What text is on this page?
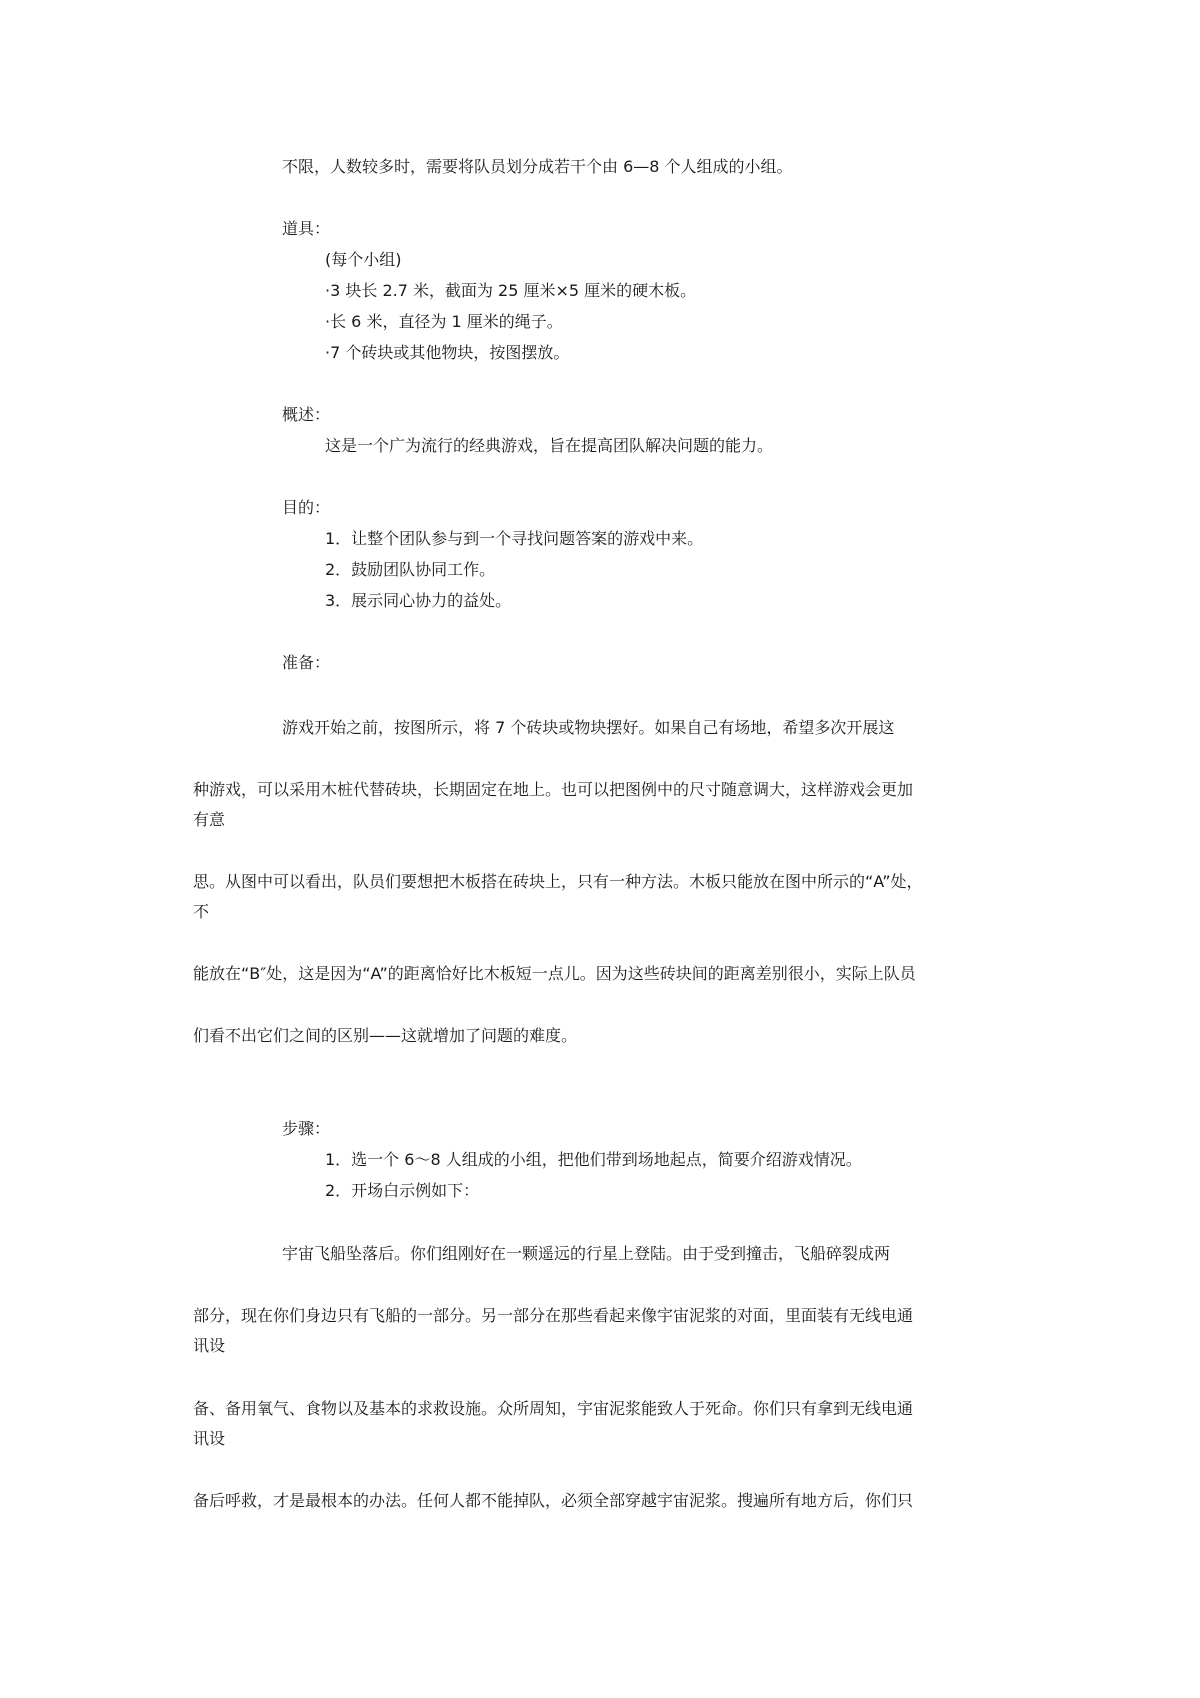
不限，人数较多时，需要将队员划分成若干个由 6—8 个人组成的小组。
道具：
(每个小组)
·3 块长 2.7 米，截面为 25 厘米×5 厘米的硬木板。
·长 6 米，直径为 1 厘米的绳子。
·7 个砖块或其他物块，按图摆放。
概述：
这是一个广为流行的经典游戏，旨在提高团队解决问题的能力。
目的：
1．让整个团队参与到一个寻找问题答案的游戏中来。
2．鼓励团队协同工作。
3．展示同心协力的益处。
准备：
游戏开始之前，按图所示，将 7 个砖块或物块摆好。如果自己有场地，希望多次开展这
种游戏，可以采用木桩代替砖块，长期固定在地上。也可以把图例中的尺寸随意调大，这样游戏会更加
有意
思。从图中可以看出，队员们要想把木板搭在砖块上，只有一种方法。木板只能放在图中所示的“A”处，
不
能放在“B″处，这是因为“A”的距离恰好比木板短一点儿。因为这些砖块间的距离差别很小，实际上队员
们看不出它们之间的区别——这就增加了问题的难度。
步骤：
1．选一个 6～8 人组成的小组，把他们带到场地起点，简要介绍游戏情况。
2．开场白示例如下：
宇宙飞船坠落后。你们组刚好在一颗遥远的行星上登陆。由于受到撞击，飞船碎裂成两
部分，现在你们身边只有飞船的一部分。另一部分在那些看起来像宇宙泥浆的对面，里面装有无线电通
讯设
备、备用氧气、食物以及基本的求救设施。众所周知，宇宙泥浆能致人于死命。你们只有拿到无线电通
讯设
备后呼救，才是最根本的办法。任何人都不能掉队，必须全部穿越宇宙泥浆。搜遍所有地方后，你们只
